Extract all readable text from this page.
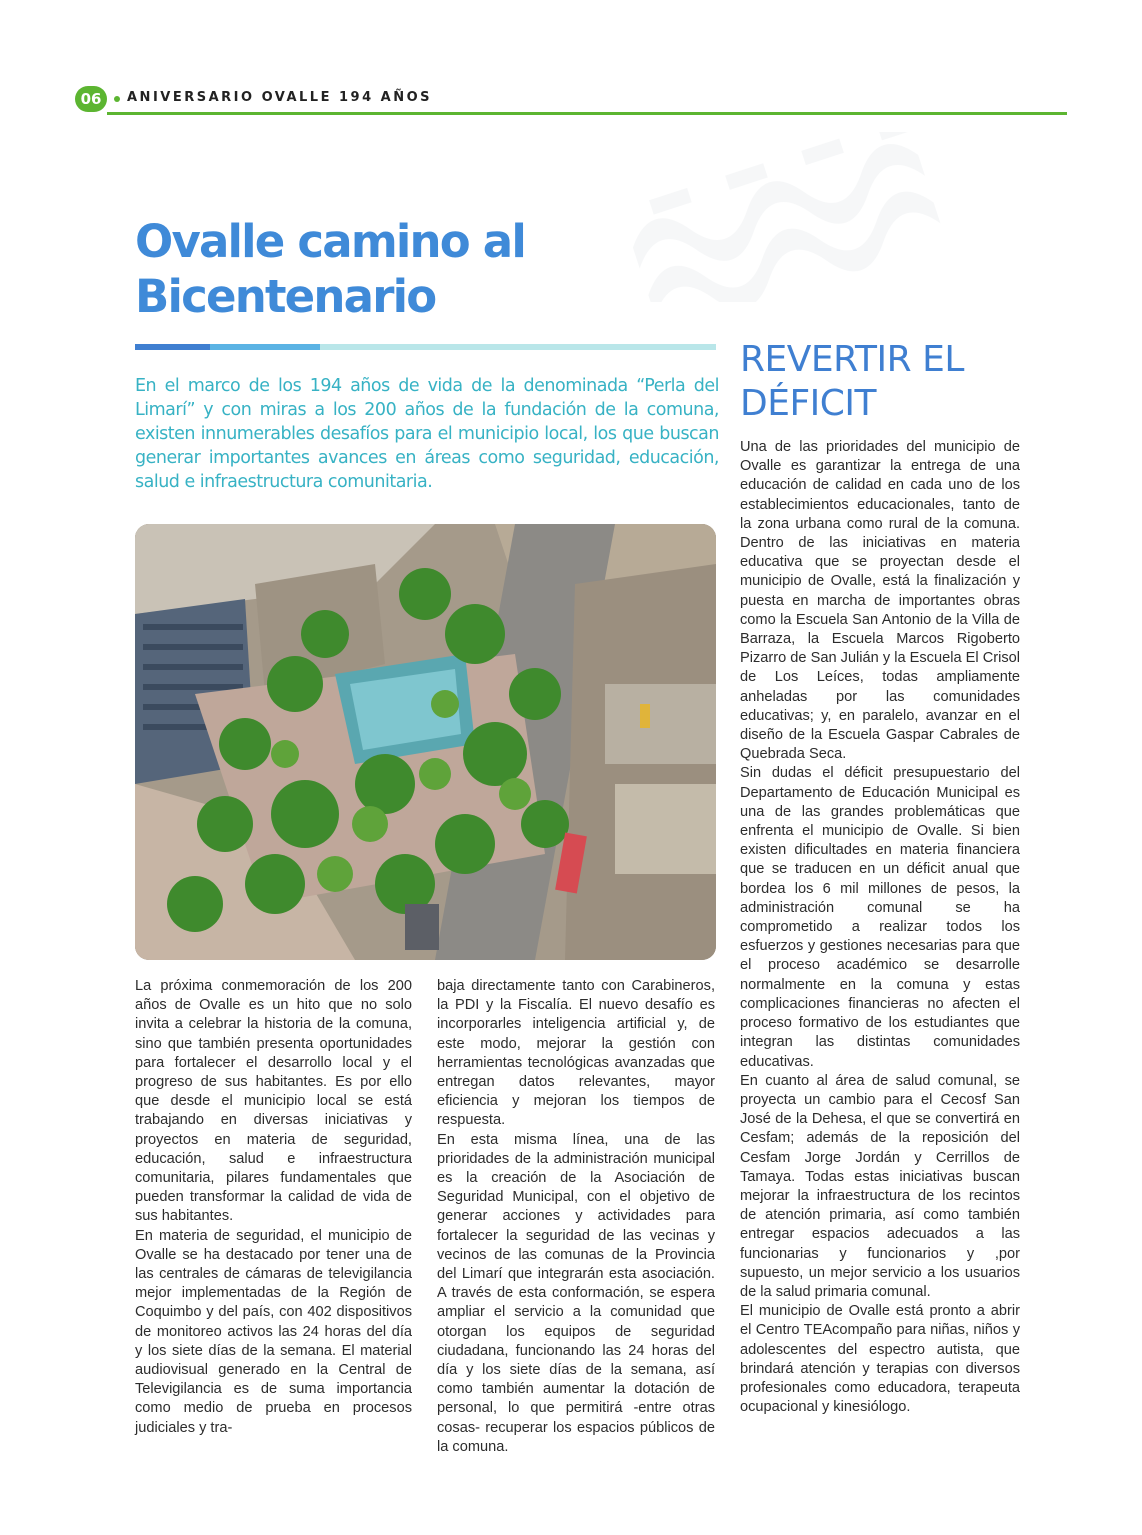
06	ANIVERSARIO OVALLE 194 AÑOS
Ovalle camino al Bicentenario

En el marco de los 194 años de vida de la denominada “Perla del Limarí” y con miras a los 200 años de la fundación de la comuna, existen innumerables desafíos para el municipio local, los que buscan generar importantes avances en áreas como seguridad, educación, salud e infraestructura comunitaria.

La próxima conmemoración de los 200 años de Ovalle es un hito que no solo invita a celebrar la historia de la comuna, sino que también presenta oportunidades para fortalecer el desarrollo local y el progreso de sus habitantes. Es por ello que desde el municipio local se está trabajando en diversas iniciativas y proyectos en materia de seguridad, educación, salud e infraestructura comunitaria, pilares fundamentales que pueden transformar la calidad de vida de sus habitantes.

En materia de seguridad, el municipio de Ovalle se ha destacado por tener una de las centrales de cámaras de televigilancia mejor implementadas de la Región de Coquimbo y del país, con 402 dispositivos de monitoreo activos las 24 horas del día y los siete días de la semana. El material audiovisual generado en la Central de Televigilancia es de suma importancia como medio de prueba en procesos judiciales y tra-

baja directamente tanto con Carabineros, la PDI y la Fiscalía. El nuevo desafío es incorporarles inteligencia artificial y, de este modo, mejorar la gestión con herramientas tecnológicas avanzadas que entregan datos relevantes, mayor eficiencia y mejoran los tiempos de respuesta.

En esta misma línea, una de las prioridades de la administración municipal es la creación de la Asociación de Seguridad Municipal, con el objetivo de generar acciones y actividades para fortalecer la seguridad de las vecinas y vecinos de las comunas de la Provincia del Limarí que integrarán esta asociación. A través de esta conformación, se espera ampliar el servicio a la comunidad que otorgan los equipos de seguridad ciudadana, funcionando las 24 horas del día y los siete días de la semana, así como también aumentar la dotación de personal, lo que permitirá -entre otras cosas- recuperar los espacios públicos de la comuna.

REVERTIR EL DÉFICIT

Una de las prioridades del municipio de Ovalle es garantizar la entrega de una educación de calidad en cada uno de los establecimientos educacionales, tanto de la zona urbana como rural de la comuna. Dentro de las iniciativas en materia educativa que se proyectan desde el municipio de Ovalle, está la finalización y puesta en marcha de importantes obras como la Escuela San Antonio de la Villa de Barraza, la Escuela Marcos Rigoberto Pizarro de San Julián y la Escuela El Crisol de Los Leíces, todas ampliamente anheladas por las comunidades educativas; y, en paralelo, avanzar en el diseño de la Escuela Gaspar Cabrales de Quebrada Seca.

Sin dudas el déficit presupuestario del Departamento de Educación Municipal es una de las grandes problemáticas que enfrenta el municipio de Ovalle. Si bien existen dificultades en materia financiera que se traducen en un déficit anual que bordea los 6 mil millones de pesos, la administración comunal se ha comprometido a realizar todos los esfuerzos y gestiones necesarias para que el proceso académico se desarrolle normalmente en la comuna y estas complicaciones financieras no afecten el proceso formativo de los estudiantes que integran las distintas comunidades educativas.

En cuanto al área de salud comunal, se proyecta un cambio para el Cecosf San José de la Dehesa, el que se convertirá en Cesfam; además de la reposición del Cesfam Jorge Jordán y Cerrillos de Tamaya. Todas estas iniciativas buscan mejorar la infraestructura de los recintos de atención primaria, así como también entregar espacios adecuados a las funcionarias y funcionarios y ,por supuesto, un mejor servicio a los usuarios de la salud primaria comunal.

El municipio de Ovalle está pronto a abrir el Centro TEAcompaño para niñas, niños y adolescentes del espectro autista, que brindará atención y terapias con diversos profesionales como educadora, terapeuta ocupacional y kinesiólogo.
